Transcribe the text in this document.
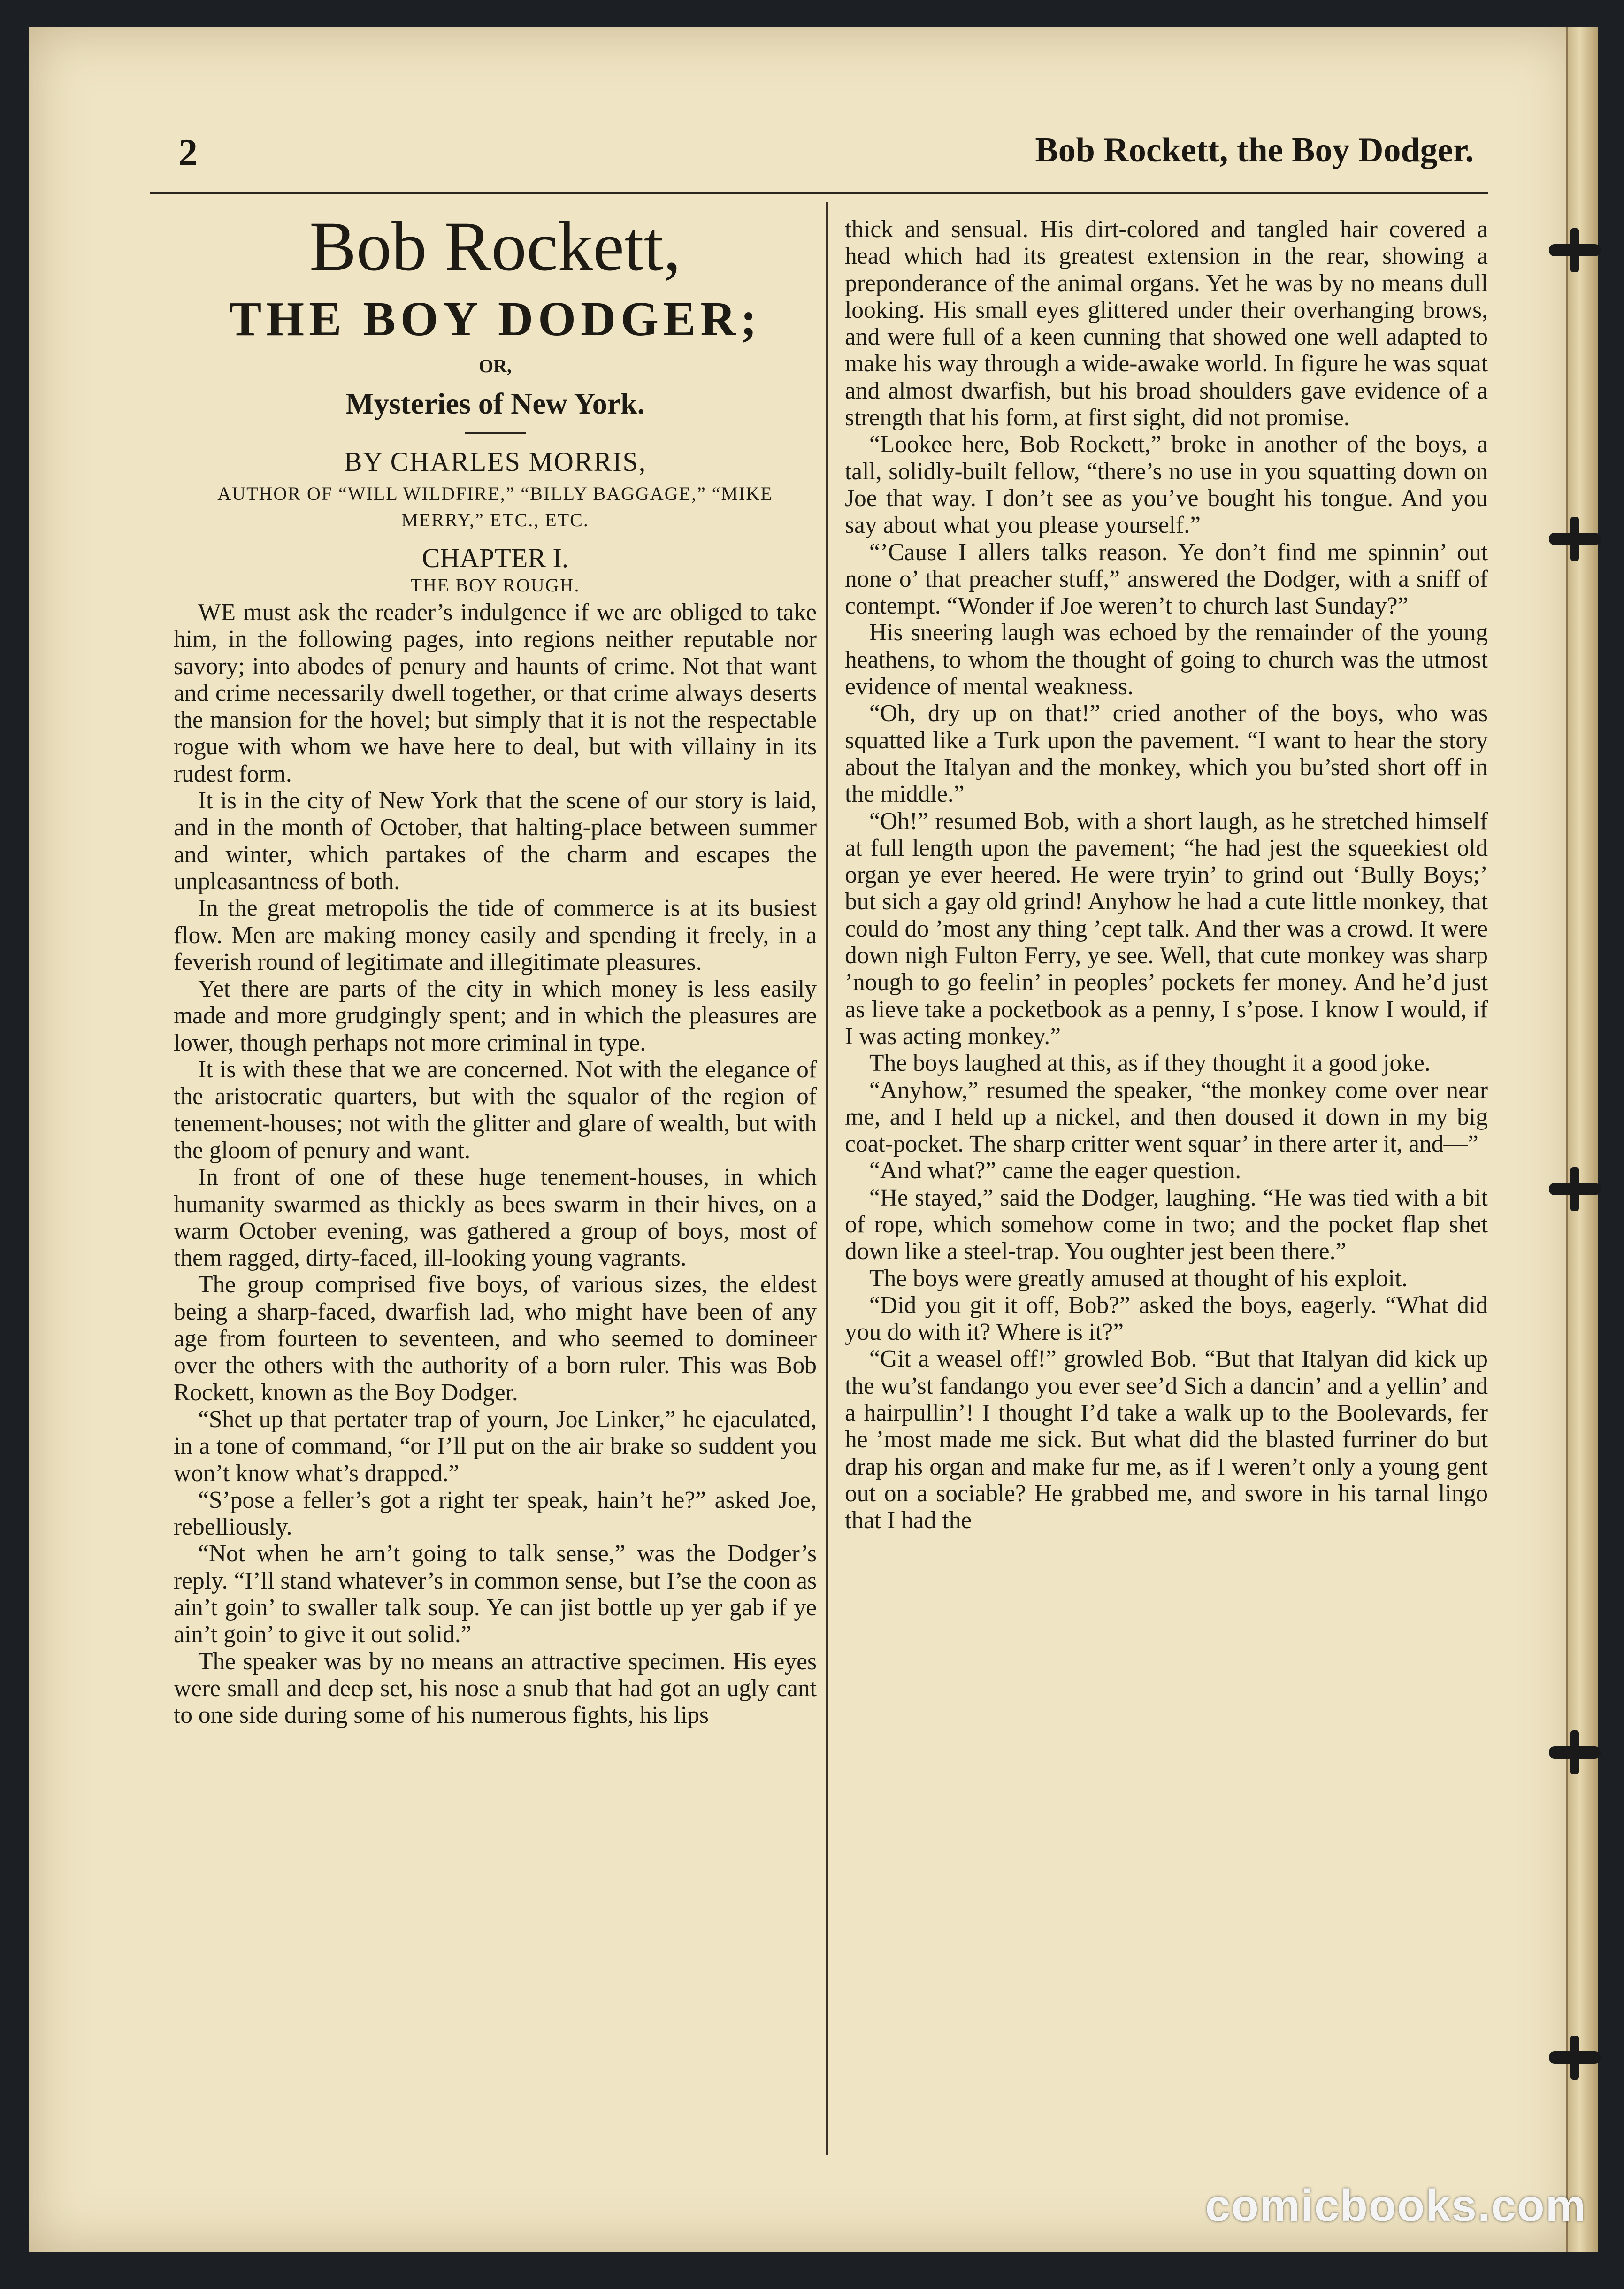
2	Bob Rockett, the Boy Dodger.
Bob Rockett,
THE BOY DODGER;
OR,
Mysteries of New York.
BY CHARLES MORRIS,
AUTHOR OF “WILL WILDFIRE,” “BILLY BAGGAGE,” “MIKE MERRY,” ETC., ETC.
CHAPTER I.
THE BOY ROUGH.

WE must ask the reader’s indulgence if we are obliged to take him, in the following pages, into regions neither reputable nor savory; into abodes of penury and haunts of crime. Not that want and crime necessarily dwell together, or that crime always deserts the mansion for the hovel; but simply that it is not the respectable rogue with whom we have here to deal, but with villainy in its rudest form.

It is in the city of New York that the scene of our story is laid, and in the month of October, that halting-place between summer and winter, which partakes of the charm and escapes the unpleasantness of both.

In the great metropolis the tide of commerce is at its busiest flow. Men are making money easily and spending it freely, in a feverish round of legitimate and illegitimate pleasures.

Yet there are parts of the city in which money is less easily made and more grudgingly spent; and in which the pleasures are lower, though perhaps not more criminal in type.

It is with these that we are concerned. Not with the elegance of the aristocratic quarters, but with the squalor of the region of tenement-houses; not with the glitter and glare of wealth, but with the gloom of penury and want.

In front of one of these huge tenement-houses, in which humanity swarmed as thickly as bees swarm in their hives, on a warm October evening, was gathered a group of boys, most of them ragged, dirty-faced, ill-looking young vagrants.

The group comprised five boys, of various sizes, the eldest being a sharp-faced, dwarfish lad, who might have been of any age from fourteen to seventeen, and who seemed to domineer over the others with the authority of a born ruler. This was Bob Rockett, known as the Boy Dodger.

“Shet up that pertater trap of yourn, Joe Linker,” he ejaculated, in a tone of command, “or I’ll put on the air brake so suddent you won’t know what’s drapped.”

“S’pose a feller’s got a right ter speak, hain’t he?” asked Joe, rebelliously.

“Not when he arn’t going to talk sense,” was the Dodger’s reply. “I’ll stand whatever’s in common sense, but I’se the coon as ain’t goin’ to swaller talk soup. Ye can jist bottle up yer gab if ye ain’t goin’ to give it out solid.”

The speaker was by no means an attractive specimen. His eyes were small and deep set, his nose a snub that had got an ugly cant to one side during some of his numerous fights, his lips

thick and sensual. His dirt-colored and tangled hair covered a head which had its greatest extension in the rear, showing a preponderance of the animal organs. Yet he was by no means dull looking. His small eyes glittered under their overhanging brows, and were full of a keen cunning that showed one well adapted to make his way through a wide-awake world. In figure he was squat and almost dwarfish, but his broad shoulders gave evidence of a strength that his form, at first sight, did not promise.

“Lookee here, Bob Rockett,” broke in another of the boys, a tall, solidly-built fellow, “there’s no use in you squatting down on Joe that way. I don’t see as you’ve bought his tongue. And you say about what you please yourself.”

“’Cause I allers talks reason. Ye don’t find me spinnin’ out none o’ that preacher stuff,” answered the Dodger, with a sniff of contempt. “Wonder if Joe weren’t to church last Sunday?”

His sneering laugh was echoed by the remainder of the young heathens, to whom the thought of going to church was the utmost evidence of mental weakness.

“Oh, dry up on that!” cried another of the boys, who was squatted like a Turk upon the pavement. “I want to hear the story about the Italyan and the monkey, which you bu’sted short off in the middle.”

“Oh!” resumed Bob, with a short laugh, as he stretched himself at full length upon the pavement; “he had jest the squeekiest old organ ye ever heered. He were tryin’ to grind out ‘Bully Boys;’ but sich a gay old grind! Anyhow he had a cute little monkey, that could do ’most any thing ’cept talk. And ther was a crowd. It were down nigh Fulton Ferry, ye see. Well, that cute monkey was sharp ’nough to go feelin’ in peoples’ pockets fer money. And he’d just as lieve take a pocketbook as a penny, I s’pose. I know I would, if I was acting monkey.”

The boys laughed at this, as if they thought it a good joke.

“Anyhow,” resumed the speaker, “the monkey come over near me, and I held up a nickel, and then doused it down in my big coat-pocket. The sharp critter went squar’ in there arter it, and—”

“And what?” came the eager question.

“He stayed,” said the Dodger, laughing. “He was tied with a bit of rope, which somehow come in two; and the pocket flap shet down like a steel-trap. You oughter jest been there.”

The boys were greatly amused at thought of his exploit.

“Did you git it off, Bob?” asked the boys, eagerly. “What did you do with it? Where is it?”

“Git a weasel off!” growled Bob. “But that Italyan did kick up the wu’st fandango you ever see’d Sich a dancin’ and a yellin’ and a hairpullin’! I thought I’d take a walk up to the Boolevards, fer he ’most made me sick. But what did the blasted furriner do but drap his organ and make fur me, as if I weren’t only a young gent out on a sociable? He grabbed me, and swore in his tarnal lingo that I had the

comicbooks.com
